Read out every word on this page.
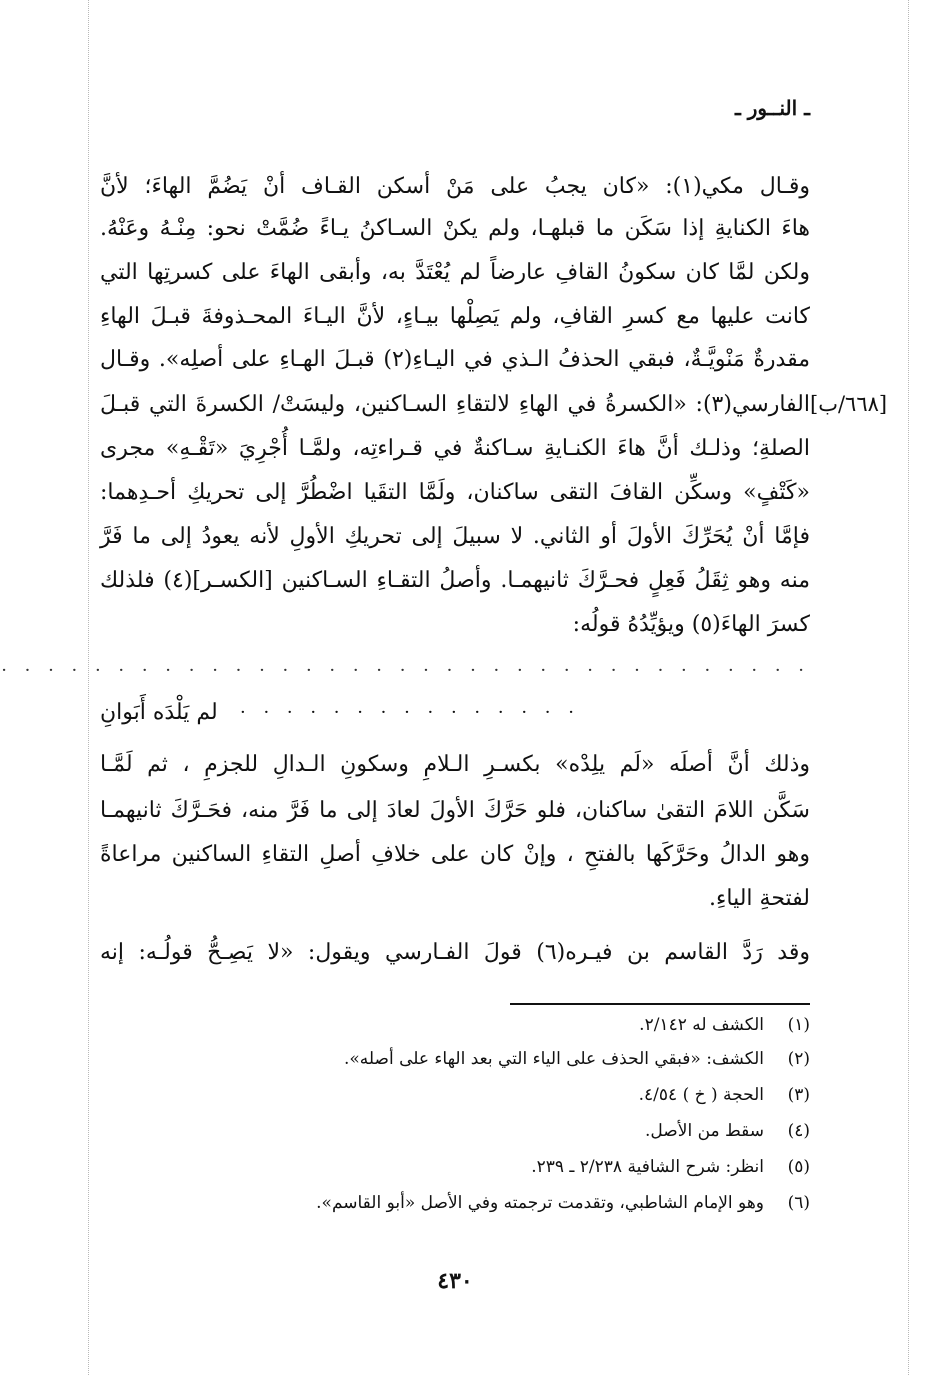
ـ النــور ـ
وقـال مكي(١): «كان يجبُ على مَنْ أسكن القـاف أنْ يَضُمَّ الهاءَ؛ لأنَّ
هاءَ الكنايةِ إذا سَكَن ما قبلهـا، ولم يكنْ السـاكنُ يـاءً ضُمَّتْ نحو: مِنْـهُ وعَنْهُ.
ولكن لمَّا كان سكونُ القافِ عارضاً لم يُعْتَدَّ به، وأبقى الهاءَ على كسرتِها التي
كانت عليها مع كسرِ القافِ، ولم يَصِلْها بيـاءٍ، لأنَّ اليـاءَ المحـذوفةَ قبـلَ الهاءِ
مقدرةٌ مَنْويَّـةٌ، فبقي الحذفُ الـذي في اليـاءِ(٢) قبـلَ الهـاءِ على أصلِه». وقـال
الفارسي(٣): «الكسرةُ في الهاءِ لالتقاءِ السـاكنين، وليسَتْ/ الكسرةَ التي قبـلَ
الصلةِ؛ وذلـك أنَّ هاءَ الكنـايةِ سـاكنةٌ في قـراءتِه، ولمَّـا أُجْرِيَ «تَقْـهِ» مجرى
«كَتْفٍ» وسكِّن القافَ التقى ساكنان، ولَمَّا التقَيا اضْطُرَّ إلى تحريكِ أحـدِهما:
فإمَّا أنْ يُحَرِّكَ الأولَ أو الثاني. لا سبيلَ إلى تحريكِ الأولِ لأنه يعودُ إلى ما فَرَّ
منه وهو ثِقَلُ فَعِلٍ فحـرَّكَ ثانيهمـا. وأصلُ التقـاءِ السـاكنين [الكسـر](٤) فلذلك
كسرَ الهاءَ(٥) ويؤيِّدُهُ قولُه:
· · · · · · · · · · · · · · · · · · · · · · · · · · · · · · · · · · ·
· · · · · · · · · · · · · · ·
لم يَلْدَه أَبَوانِ
وذلك أنَّ أصلَه «لَم يلِدْه» بكسـرِ الـلامِ وسكونِ الـدالِ للجزمِ ، ثم لَمَّـا
سَكَّن اللامَ التقىٰ ساكنان، فلو حَرَّكَ الأولَ لعادَ إلى ما فَرَّ منه، فحَـرَّكَ ثانيهمـا
وهو الدالُ وحَرَّكَها بالفتحِ ، وإنْ كان على خلافِ أصلِ التقاءِ الساكنين مراعاةً
لفتحةِ الياءِ.
وقد رَدَّ القاسم بن فيـره(٦) قولَ الفـارسي ويقول: «لا يَصِـحُّ قولُـه: إنه
(١)الكشف له ٢/١٤٢.
(٢)الكشف: «فبقي الحذف على الياء التي بعد الهاء على أصله».
(٣)الحجة ( خ ) ٤/٥٤.
(٤)سقط من الأصل.
(٥)انظر: شرح الشافية ٢/٢٣٨ ـ ٢٣٩.
(٦)وهو الإمام الشاطبي، وتقدمت ترجمته وفي الأصل «أبو القاسم».
٤٣٠
[٦٦٨/ب]
